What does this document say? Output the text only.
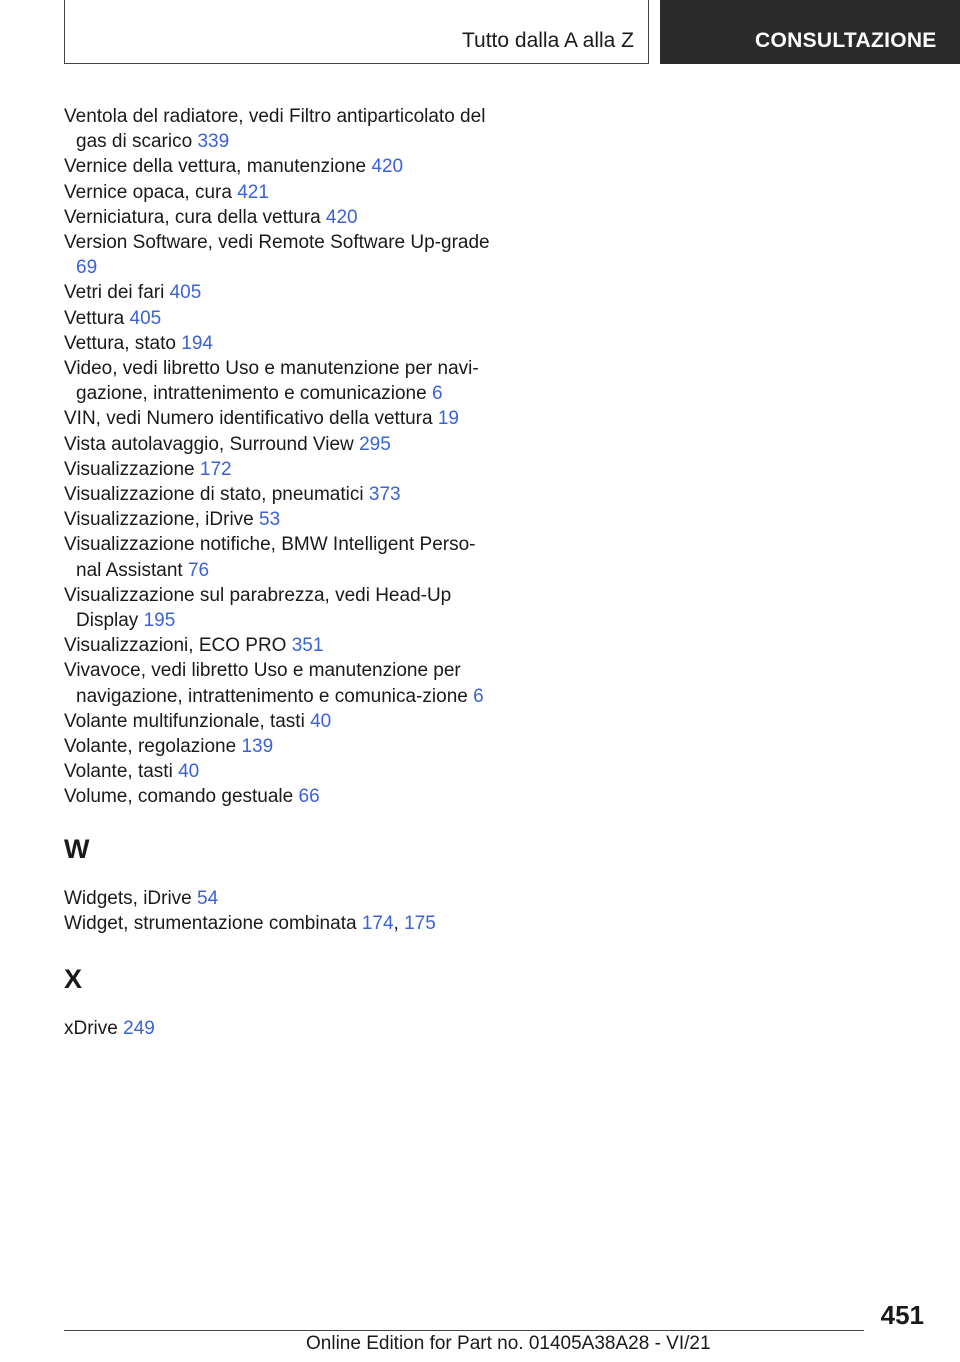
Tutto dalla A alla Z	CONSULTAZIONE
Ventola del radiatore, vedi Filtro antiparticolato del gas di scarico 339
Vernice della vettura, manutenzione 420
Vernice opaca, cura 421
Verniciatura, cura della vettura 420
Version Software, vedi Remote Software Up-grade 69
Vetri dei fari 405
Vettura 405
Vettura, stato 194
Video, vedi libretto Uso e manutenzione per navi-gazione, intrattenimento e comunicazione 6
VIN, vedi Numero identificativo della vettura 19
Vista autolavaggio, Surround View 295
Visualizzazione 172
Visualizzazione di stato, pneumatici 373
Visualizzazione, iDrive 53
Visualizzazione notifiche, BMW Intelligent Perso-nal Assistant 76
Visualizzazione sul parabrezza, vedi Head-Up Display 195
Visualizzazioni, ECO PRO 351
Vivavoce, vedi libretto Uso e manutenzione per navigazione, intrattenimento e comunica-zione 6
Volante multifunzionale, tasti 40
Volante, regolazione 139
Volante, tasti 40
Volume, comando gestuale 66
W
Widgets, iDrive 54
Widget, strumentazione combinata 174, 175
X
xDrive 249
451
Online Edition for Part no. 01405A38A28 - VI/21
